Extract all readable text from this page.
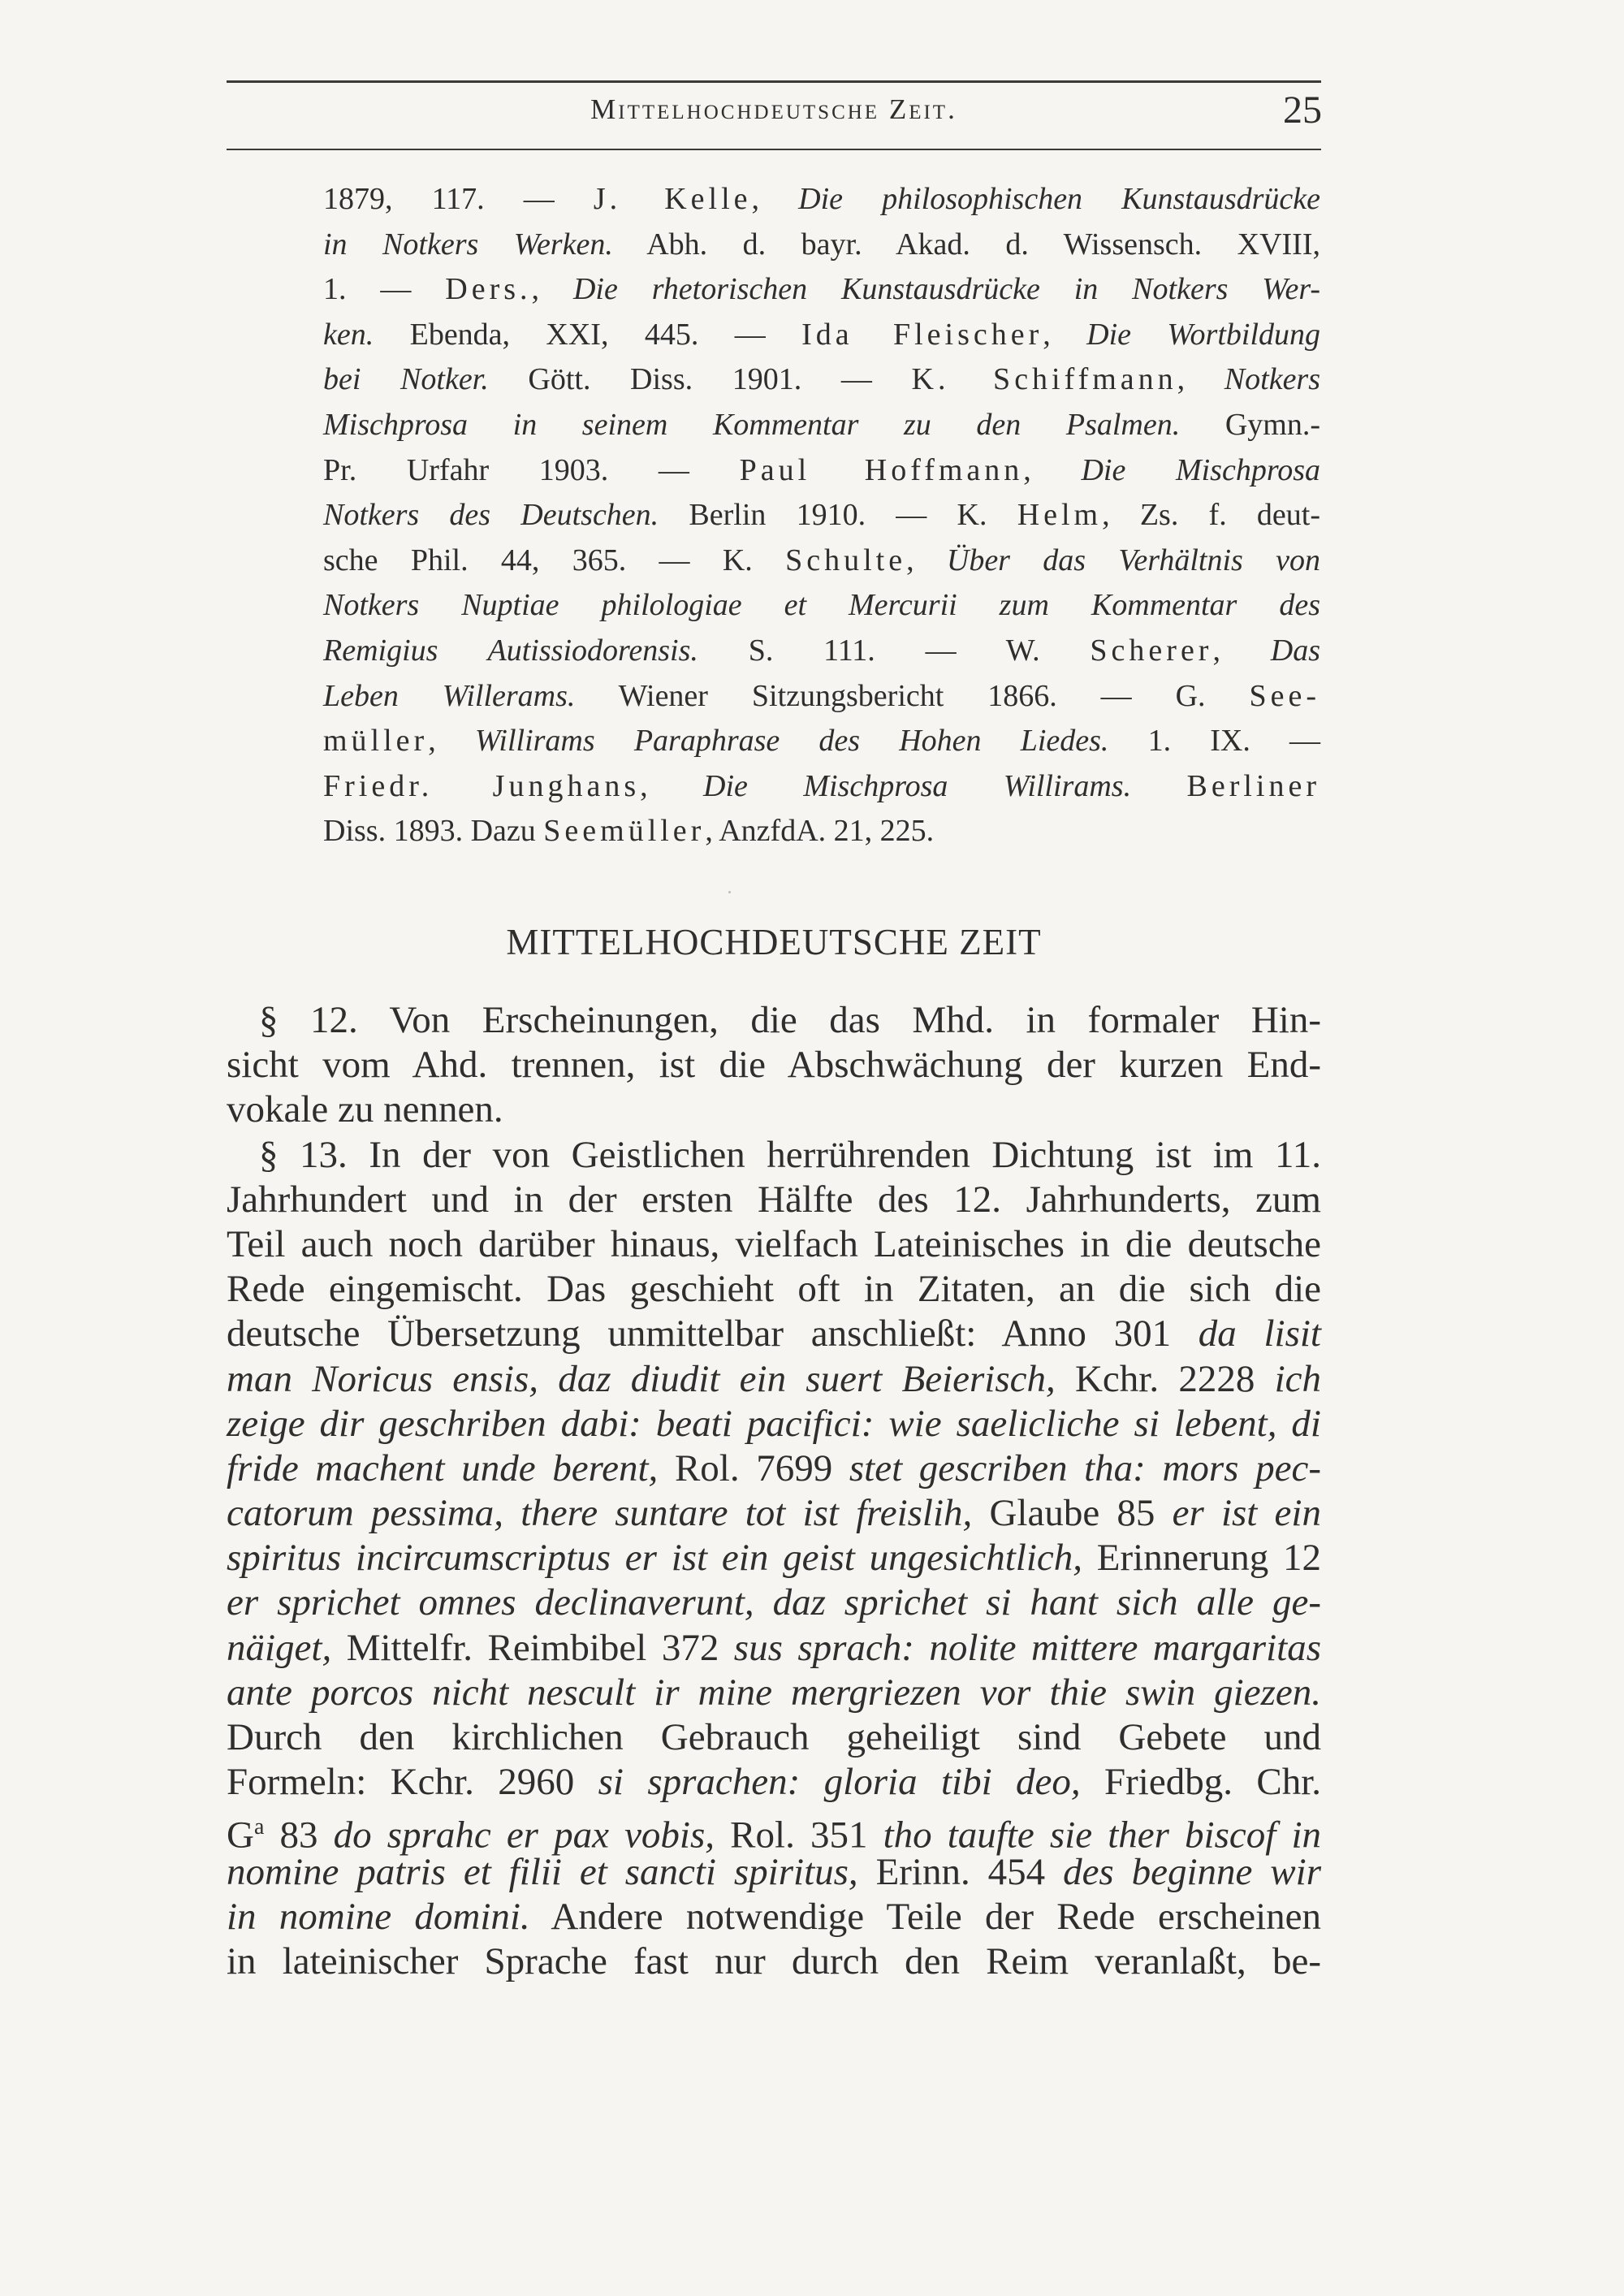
Mittelhochdeutsche Zeit.	25
1879, 117. — J. Kelle, Die philosophischen Kunstausdrücke
in Notkers Werken. Abh. d. bayr. Akad. d. Wissensch. XVIII,
1. — Ders., Die rhetorischen Kunstausdrücke in Notkers Wer-
ken. Ebenda, XXI, 445. — Ida Fleischer, Die Wortbildung
bei Notker. Gött. Diss. 1901. — K. Schiffmann, Notkers
Mischprosa in seinem Kommentar zu den Psalmen. Gymn.-
Pr. Urfahr 1903. — Paul Hoffmann, Die Mischprosa
Notkers des Deutschen. Berlin 1910. — K. Helm, Zs. f. deut-
sche Phil. 44, 365. — K. Schulte, Über das Verhältnis von
Notkers Nuptiae philologiae et Mercurii zum Kommentar des
Remigius Autissiodorensis. S. 111. — W. Scherer, Das
Leben Willerams. Wiener Sitzungsbericht 1866. — G. See-
müller, Willirams Paraphrase des Hohen Liedes. 1. IX. —
Friedr. Junghans, Die Mischprosa Willirams. Berliner
Diss. 1893. Dazu Seemüller, AnzfdA. 21, 225.
MITTELHOCHDEUTSCHE ZEIT
§ 12. Von Erscheinungen, die das Mhd. in formaler Hin-
sicht vom Ahd. trennen, ist die Abschwächung der kurzen End-
vokale zu nennen.
§ 13. In der von Geistlichen herrührenden Dichtung ist im 11.
Jahrhundert und in der ersten Hälfte des 12. Jahrhunderts, zum
Teil auch noch darüber hinaus, vielfach Lateinisches in die deutsche
Rede eingemischt. Das geschieht oft in Zitaten, an die sich die
deutsche Übersetzung unmittelbar anschließt: Anno 301 da lisit
man Noricus ensis, daz diudit ein suert Beierisch, Kchr. 2228 ich
zeige dir geschriben dabi: beati pacifici: wie saelicliche si lebent, di
fride machent unde berent, Rol. 7699 stet gescriben tha: mors pec-
catorum pessima, there suntare tot ist freislih, Glaube 85 er ist ein
spiritus incircumscriptus er ist ein geist ungesichtlich, Erinnerung 12
er sprichet omnes declinaverunt, daz sprichet si hant sich alle ge-
näiget, Mittelfr. Reimbibel 372 sus sprach: nolite mittere margaritas
ante porcos nicht nescult ir mine mergriezen vor thie swin giezen.
Durch den kirchlichen Gebrauch geheiligt sind Gebete und
Formeln: Kchr. 2960 si sprachen: gloria tibi deo, Friedbg. Chr.
$G^a$ 83 do sprahc er pax vobis, Rol. 351 tho taufte sie ther biscof in
nomine patris et filii et sancti spiritus, Erinn. 454 des beginne wir
in nomine domini. Andere notwendige Teile der Rede erscheinen
in lateinischer Sprache fast nur durch den Reim veranlaßt, be-
